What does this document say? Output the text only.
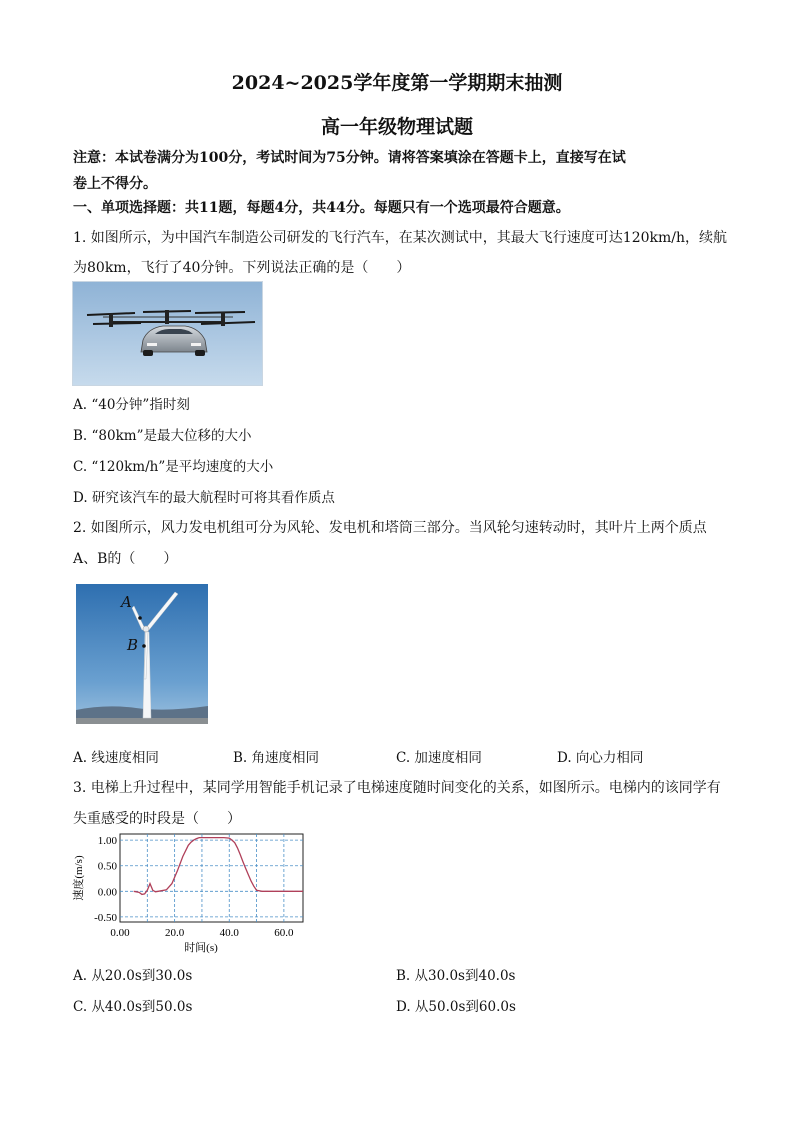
2024~2025学年度第一学期期末抽测
高一年级物理试题
注意：本试卷满分为100分，考试时间为75分钟。请将答案填涂在答题卡上，直接写在试
卷上不得分。
一、单项选择题：共11题，每题4分，共44分。每题只有一个选项最符合题意。
1. 如图所示，为中国汽车制造公司研发的飞行汽车，在某次测试中，其最大飞行速度可达120km/h，续航
为80km，飞行了40分钟。下列说法正确的是（　　）
A. “40分钟”指时刻
B. “80km”是最大位移的大小
C. “120km/h”是平均速度的大小
D. 研究该汽车的最大航程时可将其看作质点
2. 如图所示，风力发电机组可分为风轮、发电机和塔筒三部分。当风轮匀速转动时，其叶片上两个质点
A、B的（　　）
A
B
A. 线速度相同	B. 角速度相同	C. 加速度相同	D. 向心力相同
3. 电梯上升过程中，某同学用智能手机记录了电梯速度随时间变化的关系，如图所示。电梯内的该同学有
失重感受的时段是（　　）
0.00	20.0	40.0	60.0
1.00
0.50
0.00
-0.50
时间(s)
速度(m/s)
A. 从20.0s到30.0s	B. 从30.0s到40.0s
C. 从40.0s到50.0s	D. 从50.0s到60.0s
